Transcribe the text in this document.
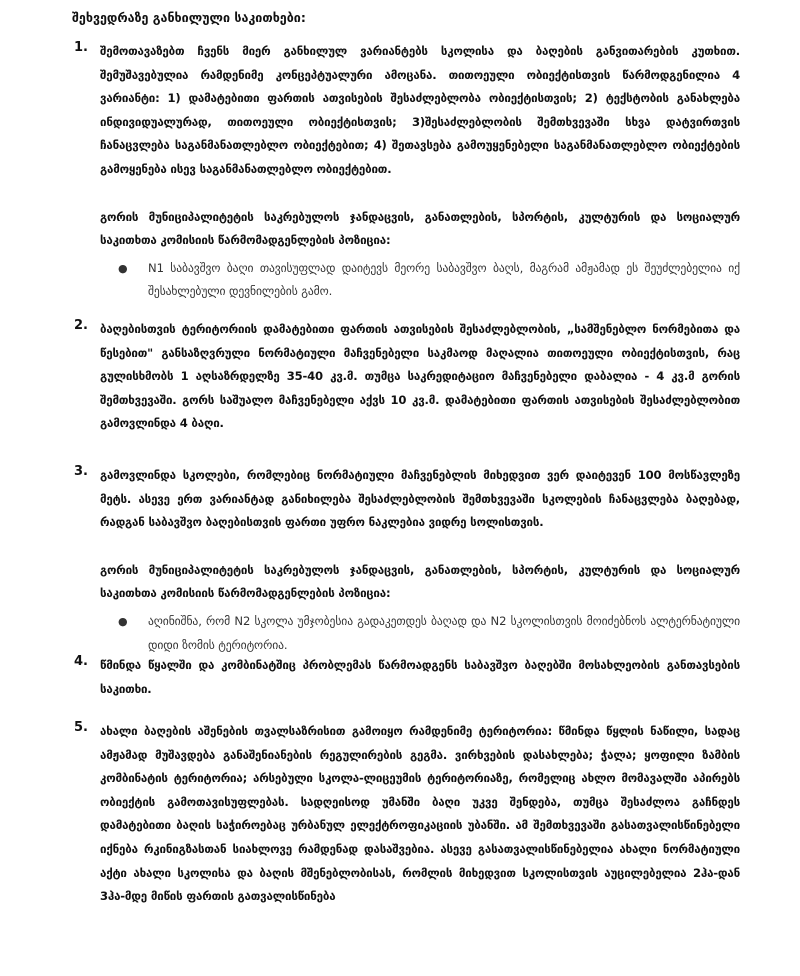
შეხვედრაზე განხილული საკითხები:
1. შემოთავაზებთ ჩვენს მიერ განხილულ ვარიანტებს სკოლისა და ბაღების განვითარების კუთხით. შემუშავებულია რამდენიმე კონცეპტუალური ამოცანა. თითოეული ობიექტისთვის წარმოდგენილია 4 ვარიანტი: 1) დამატებითი ფართის ათვისების შესაძლებლობა ობიექტისთვის; 2) ტექსტობის განახლება ინდივიდუალურად, თითოეული ობიექტისთვის; 3)შესაძლებლობის შემთხვევაში სხვა დატვირთვის ჩანაცვლება საგანმანათლებლო ობიექტებით; 4) შეთავსება გამოუყენებელი საგანმანათლებლო ობიექტების გამოყენება ისევ საგანმანათლებლო ობიექტებით.
გორის მუნიციპალიტეტის საკრებულოს ჯანდაცვის, განათლების, სპორტის, კულტურის და სოციალურ საკითხთა კომისიის წარმომადგენლების პოზიცია:
● N1 საბავშვო ბაღი თავისუფლად დაიტევს მეორე საბავშვო ბაღს, მაგრამ ამჟამად ეს შეუძლებელია იქ შესახლებული დევნილების გამო.
2. ბაღებისთვის ტერიტორიის დამატებითი ფართის ათვისების შესაძლებლობის, „სამშენებლო ნორმებითა და წესებით" განსაზღვრული ნორმატიული მაჩვენებელი საკმაოდ მაღალია თითოეული ობიექტისთვის, რაც გულისხმობს 1 აღსაზრდელზე 35-40 კვ.მ. თუმცა საკრედიტაციო მაჩვენებელი დაბალია - 4 კვ.მ გორის შემთხვევაში. გორს საშუალო მაჩვენებელი აქვს 10 კვ.მ. დამატებითი ფართის ათვისების შესაძლებლობით გამოვლინდა 4 ბაღი.
3. გამოვლინდა სკოლები, რომლებიც ნორმატიული მაჩვენებლის მიხედვით ვერ დაიტევენ 100 მოსწავლეზე მეტს. ასევე ერთ ვარიანტად განიხილება შესაძლებლობის შემთხვევაში სკოლების ჩანაცვლება ბაღებად, რადგან საბავშვო ბაღებისთვის ფართი უფრო ნაკლებია ვიდრე სოლისთვის.
გორის მუნიციპალიტეტის საკრებულოს ჯანდაცვის, განათლების, სპორტის, კულტურის და სოციალურ საკითხთა კომისიის წარმომადგენლების პოზიცია:
● აღინიშნა, რომ N2 სკოლა უმჯობესია გადაკეთდეს ბაღად და N2 სკოლისთვის მოიძებნოს ალტერნატიული დიდი ზომის ტერიტორია.
4. წმინდა წყალში და კომბინატშიც პრობლემას წარმოადგენს საბავშვო ბაღებში მოსახლეობის განთავსების საკითხი.
5. ახალი ბაღების აშენების თვალსაზრისით გამოიყო რამდენიმე ტერიტორია: წმინდა წყლის ნაწილი, სადაც ამჟამად მუშავდება განაშენიანების რეგულირების გეგმა. ვირხვების დასახლება; ჭალა; ყოფილი ზამბის კომბინატის ტერიტორია; არსებული სკოლა-ლიცეუმის ტერიტორიაზე, რომელიც ახლო მომავალში აპირებს ობიექტის გამოთავისუფლებას. სადღეისოდ უმანში ბაღი უკვე შენდება, თუმცა შესაძლოა გაჩნდეს დამატებითი ბაღის საჭიროებაც ურბანულ ელექტროფიკაციის უბანში. ამ შემთხვევაში გასათვალისწინებელი იქნება რკინიგზასთან სიახლოვე რამდენად დასაშვებია. ასევე გასათვალისწინებელია ახალი ნორმატიული აქტი ახალი სკოლისა და ბაღის მშენებლობისას, რომლის მიხედვით სკოლისთვის აუცილებელია 2ჰა-დან 3ჰა-მდე მიწის ფართის გათვალისწინება
